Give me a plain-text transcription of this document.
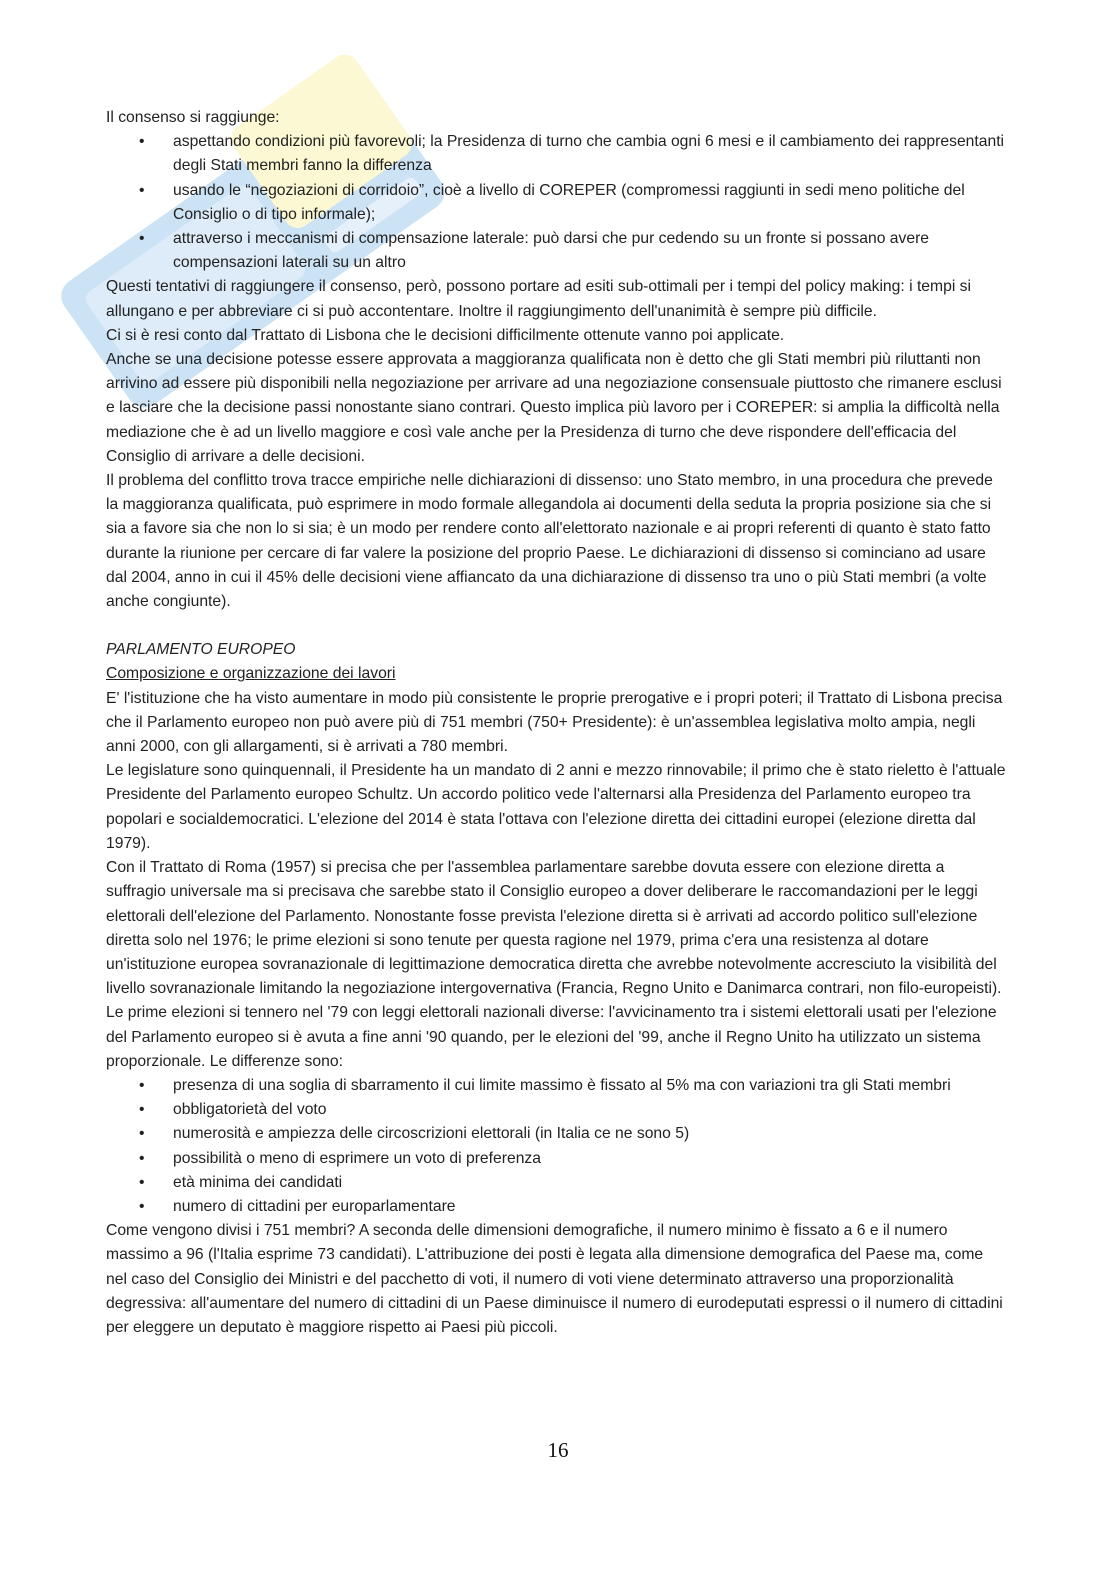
Il consenso si raggiunge:

• aspettando condizioni più favorevoli; la Presidenza di turno che cambia ogni 6 mesi e il cambiamento dei rappresentanti degli Stati membri fanno la differenza
• usando le “negoziazioni di corridoio”, cioè a livello di COREPER (compromessi raggiunti in sedi meno politiche del Consiglio o di tipo informale);
• attraverso i meccanismi di compensazione laterale: può darsi che pur cedendo su un fronte si possano avere compensazioni laterali su un altro

Questi tentativi di raggiungere il consenso, però, possono portare ad esiti sub-ottimali per i tempi del policy making: i tempi si allungano e per abbreviare ci si può accontentare. Inoltre il raggiungimento dell'unanimità è sempre più difficile.

Ci si è resi conto dal Trattato di Lisbona che le decisioni difficilmente ottenute vanno poi applicate.

Anche se una decisione potesse essere approvata a maggioranza qualificata non è detto che gli Stati membri più riluttanti non arrivino ad essere più disponibili nella negoziazione per arrivare ad una negoziazione consensuale piuttosto che rimanere esclusi e lasciare che la decisione passi nonostante siano contrari. Questo implica più lavoro per i COREPER: si amplia la difficoltà nella mediazione che è ad un livello maggiore e così vale anche per la Presidenza di turno che deve rispondere dell'efficacia del Consiglio di arrivare a delle decisioni.

Il problema del conflitto trova tracce empiriche nelle dichiarazioni di dissenso: uno Stato membro, in una procedura che prevede la maggioranza qualificata, può esprimere in modo formale allegandola ai documenti della seduta la propria posizione sia che si sia a favore sia che non lo si sia; è un modo per rendere conto all'elettorato nazionale e ai propri referenti di quanto è stato fatto durante la riunione per cercare di far valere la posizione del proprio Paese. Le dichiarazioni di dissenso si cominciano ad usare dal 2004, anno in cui il 45% delle decisioni viene affiancato da una dichiarazione di dissenso tra uno o più Stati membri (a volte anche congiunte).

PARLAMENTO EUROPEO

Composizione e organizzazione dei lavori

E' l'istituzione che ha visto aumentare in modo più consistente le proprie prerogative e i propri poteri; il Trattato di Lisbona precisa che il Parlamento europeo non può avere più di 751 membri (750+ Presidente): è un'assemblea legislativa molto ampia, negli anni 2000, con gli allargamenti, si è arrivati a 780 membri.

Le legislature sono quinquennali, il Presidente ha un mandato di 2 anni e mezzo rinnovabile; il primo che è stato rieletto è l'attuale Presidente del Parlamento europeo Schultz. Un accordo politico vede l'alternarsi alla Presidenza del Parlamento europeo tra popolari e socialdemocratici. L'elezione del 2014 è stata l'ottava con l'elezione diretta dei cittadini europei (elezione diretta dal 1979).

Con il Trattato di Roma (1957) si precisa che per l'assemblea parlamentare sarebbe dovuta essere con elezione diretta a suffragio universale ma si precisava che sarebbe stato il Consiglio europeo a dover deliberare le raccomandazioni per le leggi elettorali dell'elezione del Parlamento. Nonostante fosse prevista l'elezione diretta si è arrivati ad accordo politico sull'elezione diretta solo nel 1976; le prime elezioni si sono tenute per questa ragione nel 1979, prima c'era una resistenza al dotare un'istituzione europea sovranazionale di legittimazione democratica diretta che avrebbe notevolmente accresciuto la visibilità del livello sovranazionale limitando la negoziazione intergovernativa (Francia, Regno Unito e Danimarca contrari, non filo-europeisti).

Le prime elezioni si tennero nel '79 con leggi elettorali nazionali diverse: l'avvicinamento tra i sistemi elettorali usati per l'elezione del Parlamento europeo si è avuta a fine anni '90 quando, per le elezioni del '99, anche il Regno Unito ha utilizzato un sistema proporzionale. Le differenze sono:

• presenza di una soglia di sbarramento il cui limite massimo è fissato al 5% ma con variazioni tra gli Stati membri
• obbligatorietà del voto
• numerosità e ampiezza delle circoscrizioni elettorali (in Italia ce ne sono 5)
• possibilità o meno di esprimere un voto di preferenza
• età minima dei candidati
• numero di cittadini per europarlamentare

Come vengono divisi i 751 membri? A seconda delle dimensioni demografiche, il numero minimo è fissato a 6 e il numero massimo a 96 (l'Italia esprime 73 candidati). L'attribuzione dei posti è legata alla dimensione demografica del Paese ma, come nel caso del Consiglio dei Ministri e del pacchetto di voti, il numero di voti viene determinato attraverso una proporzionalità degressiva: all'aumentare del numero di cittadini di un Paese diminuisce il numero di eurodeputati espressi o il numero di cittadini per eleggere un deputato è maggiore rispetto ai Paesi più piccoli.

16
